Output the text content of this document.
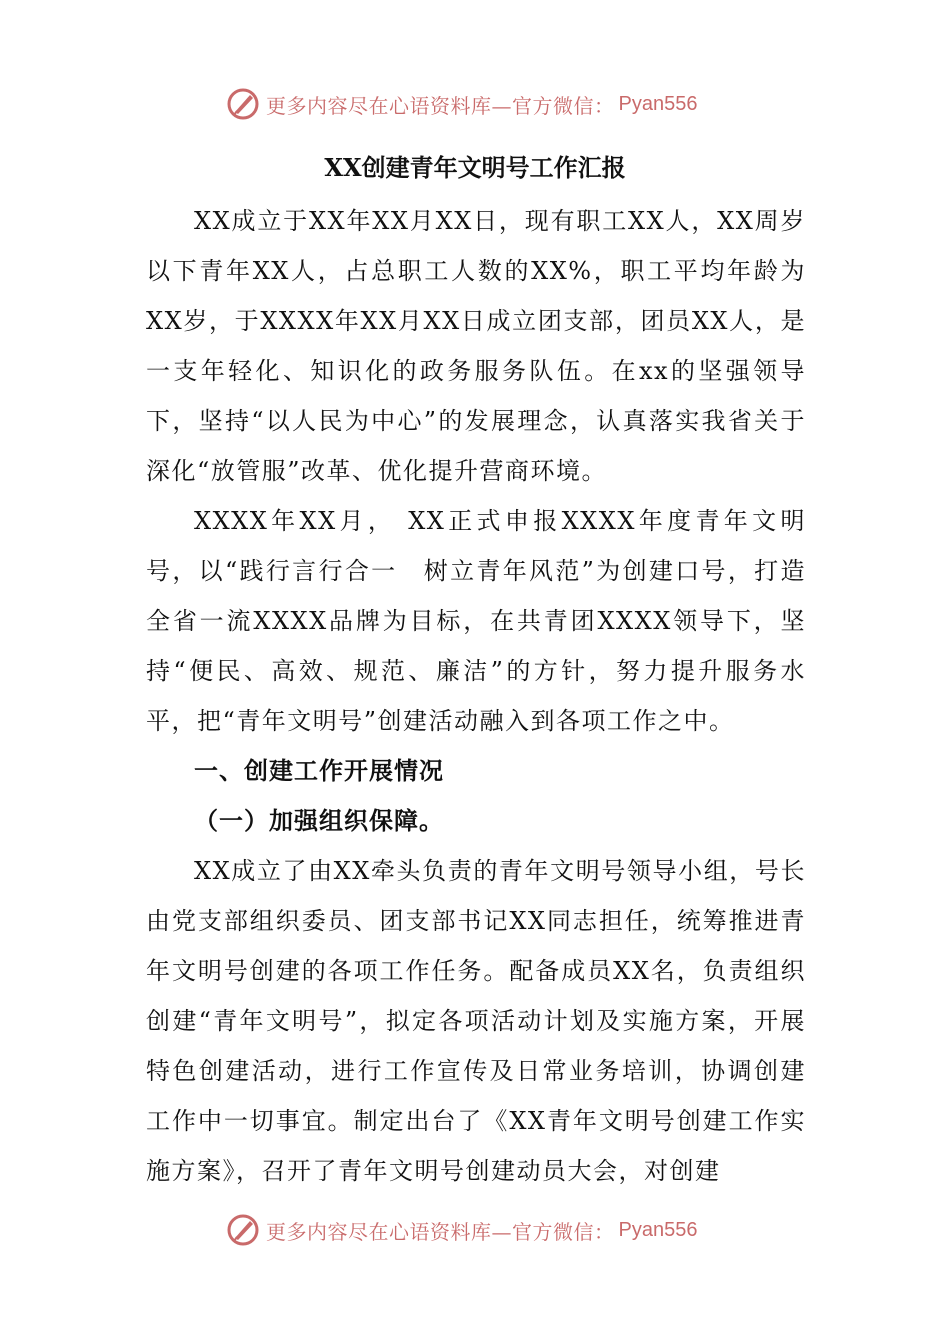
更多内容尽在心语资料库—官方微信： Pyan556
XX创建青年文明号工作汇报

XX成立于XX年XX月XX日，现有职工XX人，XX周岁以下青年XX人，占总职工人数的XX%，职工平均年龄为XX岁，于XXXX年XX月XX日成立团支部，团员XX人，是一支年轻化、知识化的政务服务队伍。在xx的坚强领导下，坚持“以人民为中心”的发展理念，认真落实我省关于深化“放管服”改革、优化提升营商环境。

XXXX年XX月， XX正式申报XXXX年度青年文明号，以“践行言行合一　树立青年风范”为创建口号，打造全省一流XXXX品牌为目标，在共青团XXXX领导下，坚持“便民、高效、规范、廉洁”的方针，努力提升服务水平，把“青年文明号”创建活动融入到各项工作之中。

一、创建工作开展情况
（一）加强组织保障。

XX成立了由XX牵头负责的青年文明号领导小组，号长由党支部组织委员、团支部书记XX同志担任，统筹推进青年文明号创建的各项工作任务。配备成员XX名，负责组织创建“青年文明号”，拟定各项活动计划及实施方案，开展特色创建活动，进行工作宣传及日常业务培训，协调创建工作中一切事宜。制定出台了《XX青年文明号创建工作实施方案》，召开了青年文明号创建动员大会，对创建

更多内容尽在心语资料库—官方微信： Pyan556
